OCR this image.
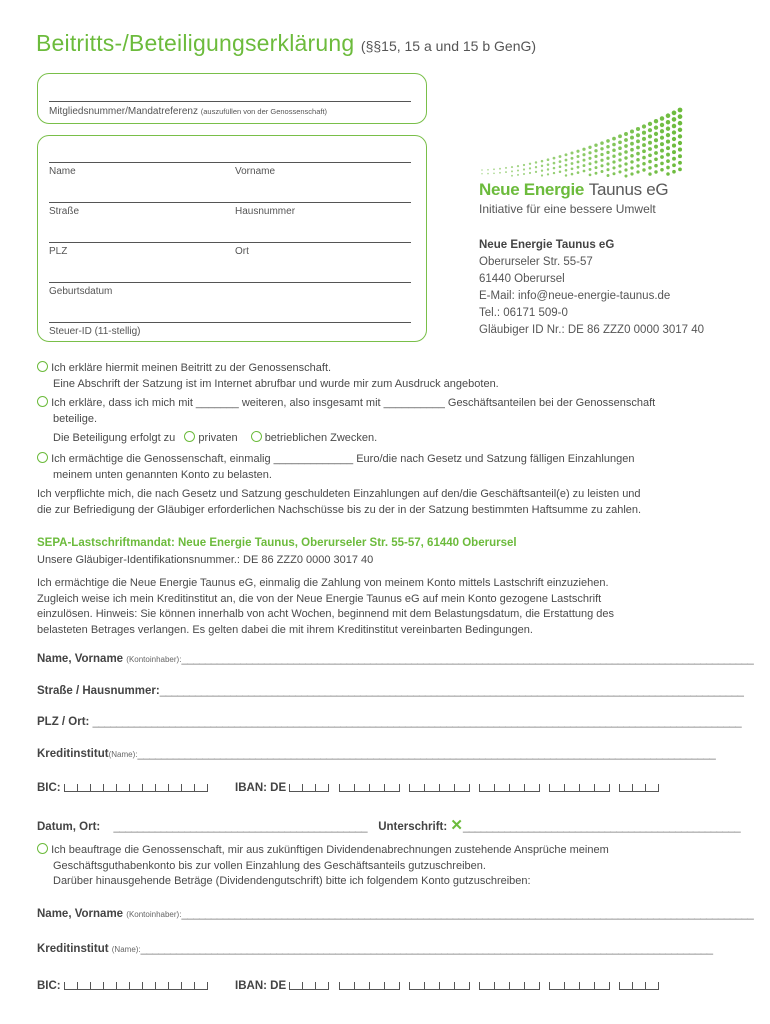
Beitritts-/Beteiligungserklärung (§§15, 15 a und 15 b GenG)
Mitgliedsnummer/Mandatreferenz (auszufüllen von der Genossenschaft)
Name	Vorname
Straße	Hausnummer
PLZ	Ort
Geburtsdatum
Steuer-ID (11-stellig)
Neue Energie Taunus eG
Initiative für eine bessere Umwelt
Neue Energie Taunus eG
Oberurseler Str. 55-57
61440 Oberursel
E-Mail: info@neue-energie-taunus.de
Tel.: 06171 509-0
Gläubiger ID Nr.: DE 86 ZZZ0 0000 3017 40
Ich erkläre hiermit meinen Beitritt zu der Genossenschaft.
Eine Abschrift der Satzung ist im Internet abrufbar und wurde mir zum Ausdruck angeboten.
Ich erkläre, dass ich mich mit _______ weiteren, also insgesamt mit __________ Geschäftsanteilen bei der Genossenschaft
beteilige.
Die Beteiligung erfolgt zu privaten betrieblichen Zwecken.
Ich ermächtige die Genossenschaft, einmalig _____________ Euro/die nach Gesetz und Satzung fälligen Einzahlungen
meinem unten genannten Konto zu belasten.
Ich verpflichte mich, die nach Gesetz und Satzung geschuldeten Einzahlungen auf den/die Geschäftsanteil(e) zu leisten und
die zur Befriedigung der Gläubiger erforderlichen Nachschüsse bis zu der in der Satzung bestimmten Haftsumme zu zahlen.
SEPA-Lastschriftmandat: Neue Energie Taunus, Oberurseler Str. 55-57, 61440 Oberursel
Unsere Gläubiger-Identifikationsnummer.: DE 86 ZZZ0 0000 3017 40
Ich ermächtige die Neue Energie Taunus eG, einmalig die Zahlung von meinem Konto mittels Lastschrift einzuziehen.
Zugleich weise ich mein Kreditinstitut an, die von der Neue Energie Taunus eG auf mein Konto gezogene Lastschrift
einzulösen. Hinweis: Sie können innerhalb von acht Wochen, beginnend mit dem Belastungsdatum, die Erstattung des
belasteten Betrages verlangen. Es gelten dabei die mit ihrem Kreditinstitut vereinbarten Bedingungen.
Name, Vorname (Kontoinhaber):_________________________________________________________________________________________________
Straße / Hausnummer:___________________________________________________________________________________________________
PLZ / Ort: ______________________________________________________________________________________________________________
Kreditinstitut(Name):__________________________________________________________________________________________________
BIC:	IBAN: DE

Datum, Ort: ___________________________________________ Unterschrift: ✕_______________________________________________
Ich beauftrage die Genossenschaft, mir aus zukünftigen Dividendenabrechnungen zustehende Ansprüche meinem
Geschäftsguthabenkonto bis zur vollen Einzahlung des Geschäftsanteils gutzuschreiben.
Darüber hinausgehende Beträge (Dividendengutschrift) bitte ich folgendem Konto gutzuschreiben:
Name, Vorname (Kontoinhaber):_________________________________________________________________________________________________
Kreditinstitut (Name):_________________________________________________________________________________________________
BIC:	IBAN: DE
